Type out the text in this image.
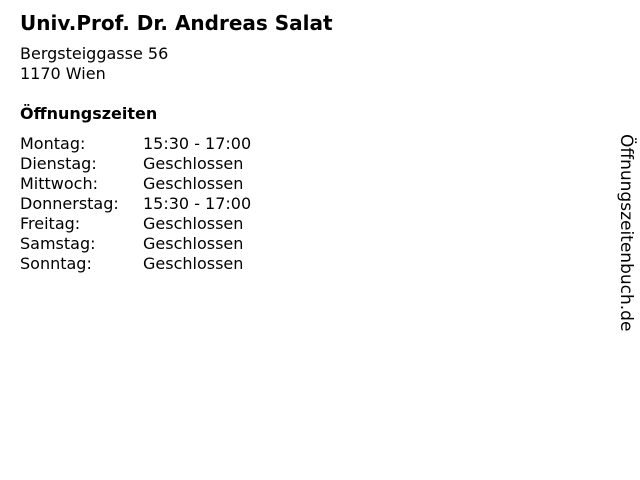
Univ.Prof. Dr. Andreas Salat
Bergsteiggasse 56
1170 Wien
Öffnungszeiten
Montag:	15:30 - 17:00
Dienstag:	Geschlossen
Mittwoch:	Geschlossen
Donnerstag:	15:30 - 17:00
Freitag:	Geschlossen
Samstag:	Geschlossen
Sonntag:	Geschlossen	Öffnungszeitenbuch.de
